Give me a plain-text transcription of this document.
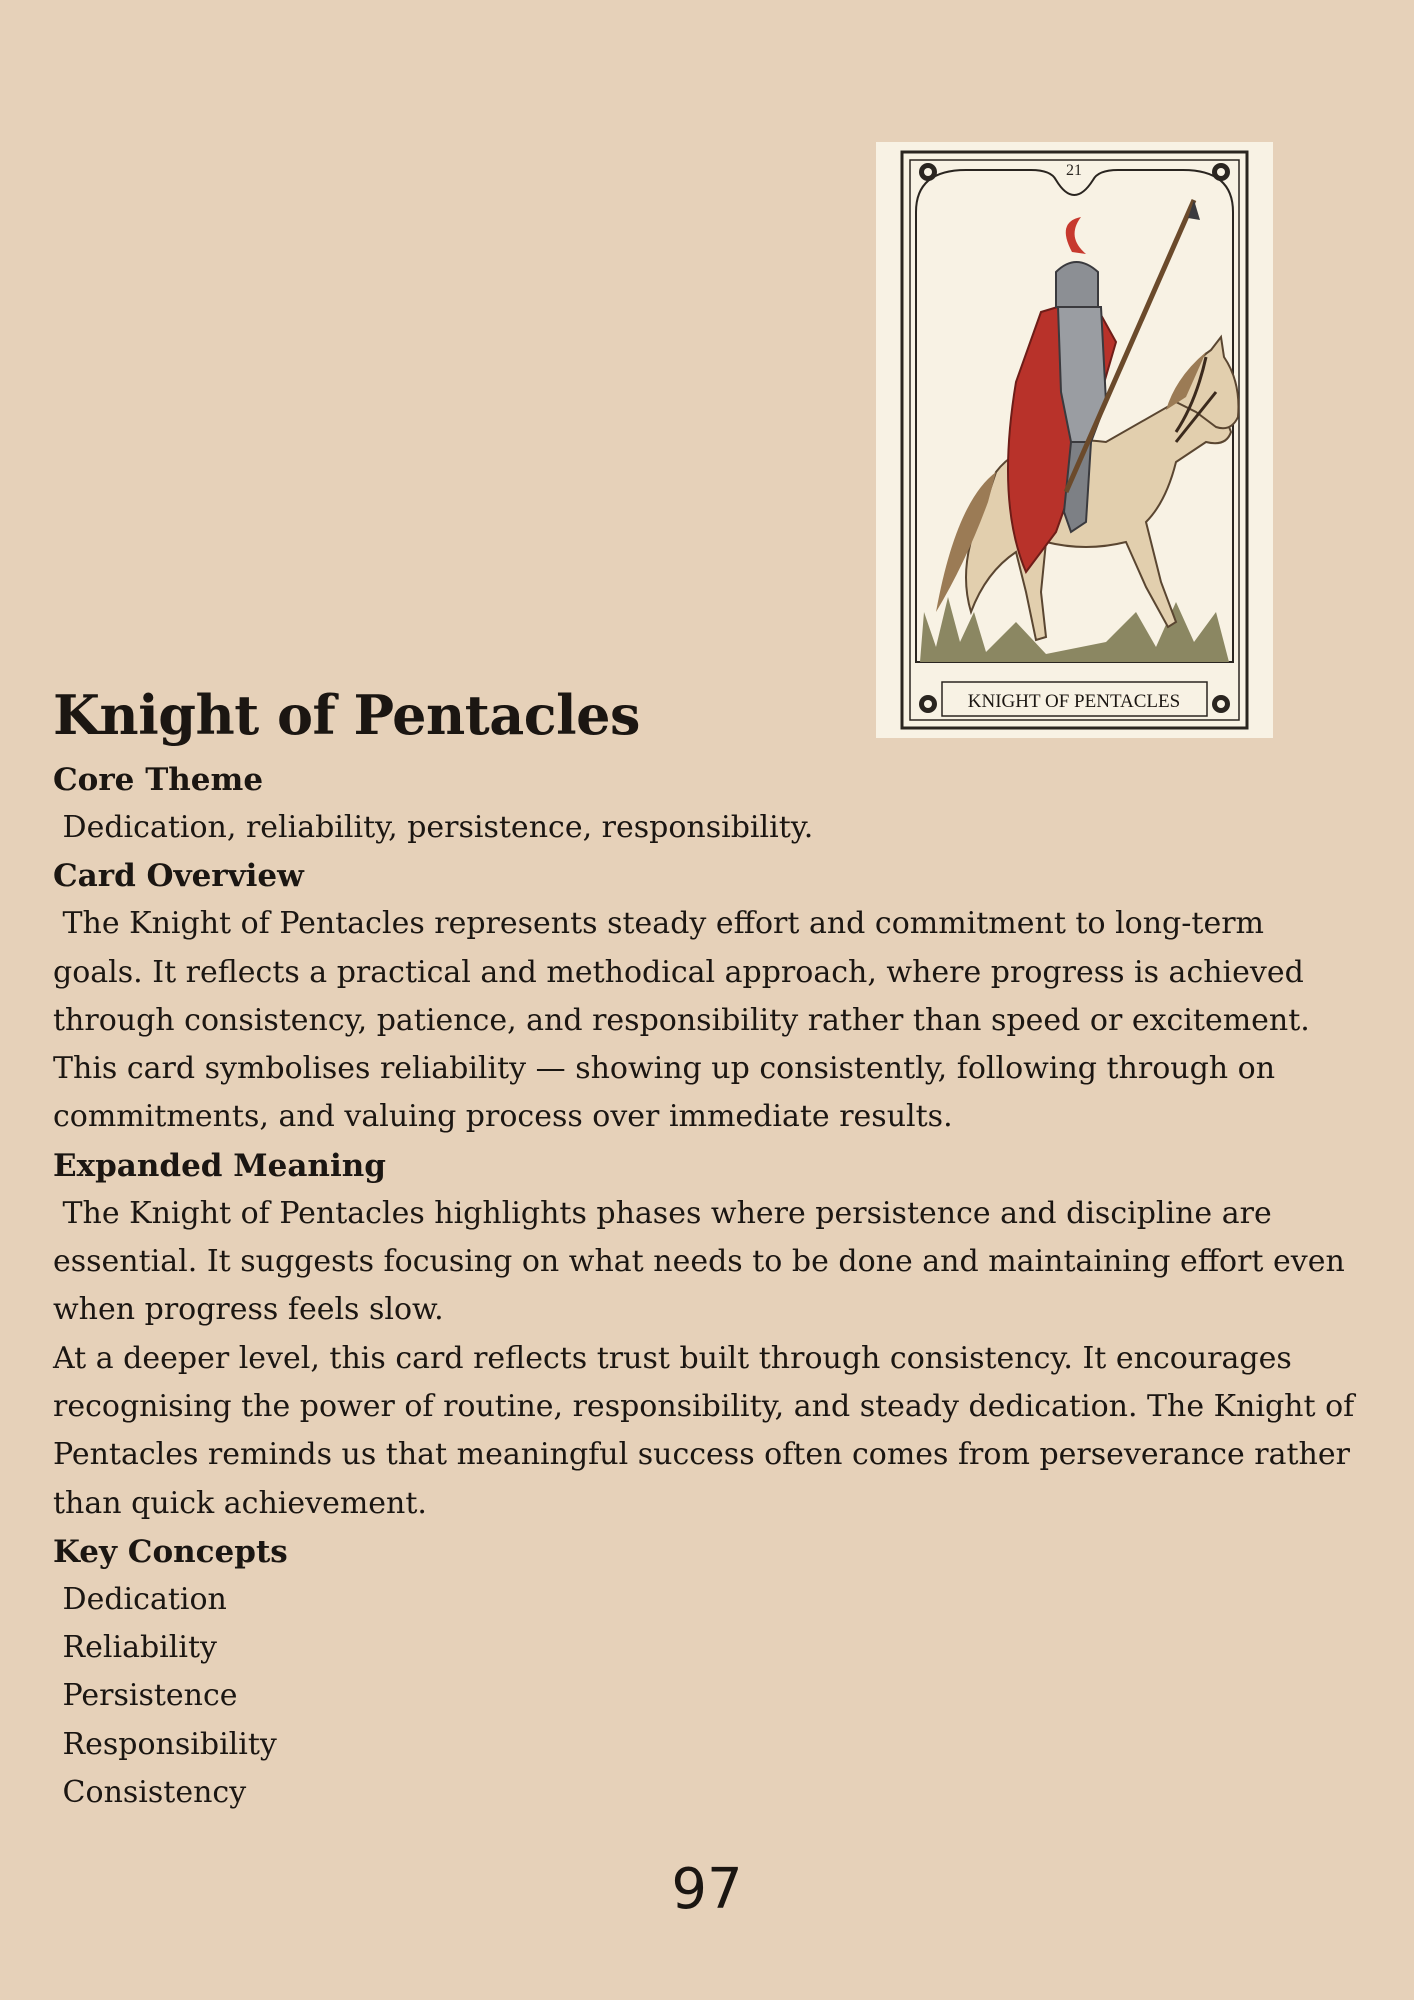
21
KNIGHT OF PENTACLES
Knight of Pentacles
Core Theme

Dedication, reliability, persistence, responsibility.

Card Overview

The Knight of Pentacles represents steady effort and commitment to long-term goals. It reflects a practical and methodical approach, where progress is achieved through consistency, patience, and responsibility rather than speed or excitement. This card symbolises reliability — showing up consistently, following through on commitments, and valuing process over immediate results.

Expanded Meaning

The Knight of Pentacles highlights phases where persistence and discipline are essential. It suggests focusing on what needs to be done and maintaining effort even when progress feels slow.

At a deeper level, this card reflects trust built through consistency. It encourages recognising the power of routine, responsibility, and steady dedication. The Knight of Pentacles reminds us that meaningful success often comes from perseverance rather than quick achievement.

Key Concepts
Dedication
Reliability
Persistence
Responsibility
Consistency
97
